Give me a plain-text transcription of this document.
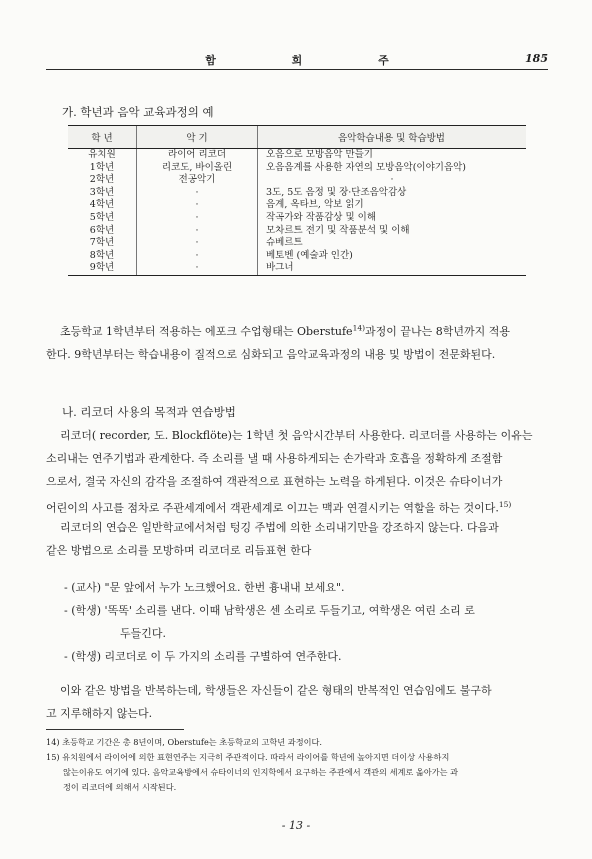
함	희	주	185
가. 학년과 음악 교육과정의 예
학 년	악 기	음악학습내용 및 학습방법
유치원	라이어 리코더	오음으로 모방음악 만들기
1학년	리코도, 바이올린	오음음계를 사용한 자연의 모방음악(이야기음악)
2학년	전공악기	·
3학년	·	3도, 5도 음정 및 장·단조음악감상
4학년	·	음계, 옥타브, 악보 읽기
5학년	·	작곡가와 작품감상 및 이해
6학년	·	모차르트 전기 및 작품분석 및 이해
7학년	·	슈베르트
8학년	·	베토벤 (예술과 인간)
9학년	·	바그너
초등학교 1학년부터 적용하는 에포크 수업형태는 Oberstufe$^{14)}$과정이 끝나는 8학년까지 적용
한다. 9학년부터는 학습내용이 질적으로 심화되고 음악교육과정의 내용 및 방법이 전문화된다.
나. 리코더 사용의 목적과 연습방법
리코더( recorder, 도. Blockflöte)는 1학년 첫 음악시간부터 사용한다. 리코더를 사용하는 이유는
소리내는 연주기법과 관계한다. 즉 소리를 낼 때 사용하게되는 손가락과 호흡을 정확하게 조절함
으로서, 결국 자신의 감각을 조절하여 객관적으로 표현하는 노력을 하게된다. 이것은 슈타이너가
어린이의 사고를 점차로 주관세계에서 객관세계로 이끄는 맥과 연결시키는 역할을 하는 것이다.$^{15)}$
리코더의 연습은 일반학교에서처럼 텅깅 주법에 의한 소리내기만을 강조하지 않는다. 다음과
같은 방법으로 소리를 모방하며 리코더로 리듬표현 한다
- (교사) "문 앞에서 누가 노크했어요. 한번 흉내내 보세요".
- (학생) '똑똑' 소리를 낸다. 이때 남학생은 센 소리로 두들기고, 여학생은 여린 소리 로
두들긴다.
- (학생) 리코더로 이 두 가지의 소리를 구별하여 연주한다.
이와 같은 방법을 반복하는데, 학생들은 자신들이 같은 형태의 반복적인 연습임에도 불구하
고 지루해하지 않는다.
14) 초등학교 기간은 총 8년이며, Oberstufe는 초등학교의 고학년 과정이다.
15) 유치원에서 라이어에 의한 표현연주는 지극히 주관적이다. 따라서 라이어를 학년에 높아지면 더이상 사용하지
않는이유도 여기에 있다. 음악교육방에서 슈타이너의 인지학에서 요구하는 주관에서 객관의 세계로 옮아가는 과
정이 리코더에 의해서 시작된다.
- 13 -
